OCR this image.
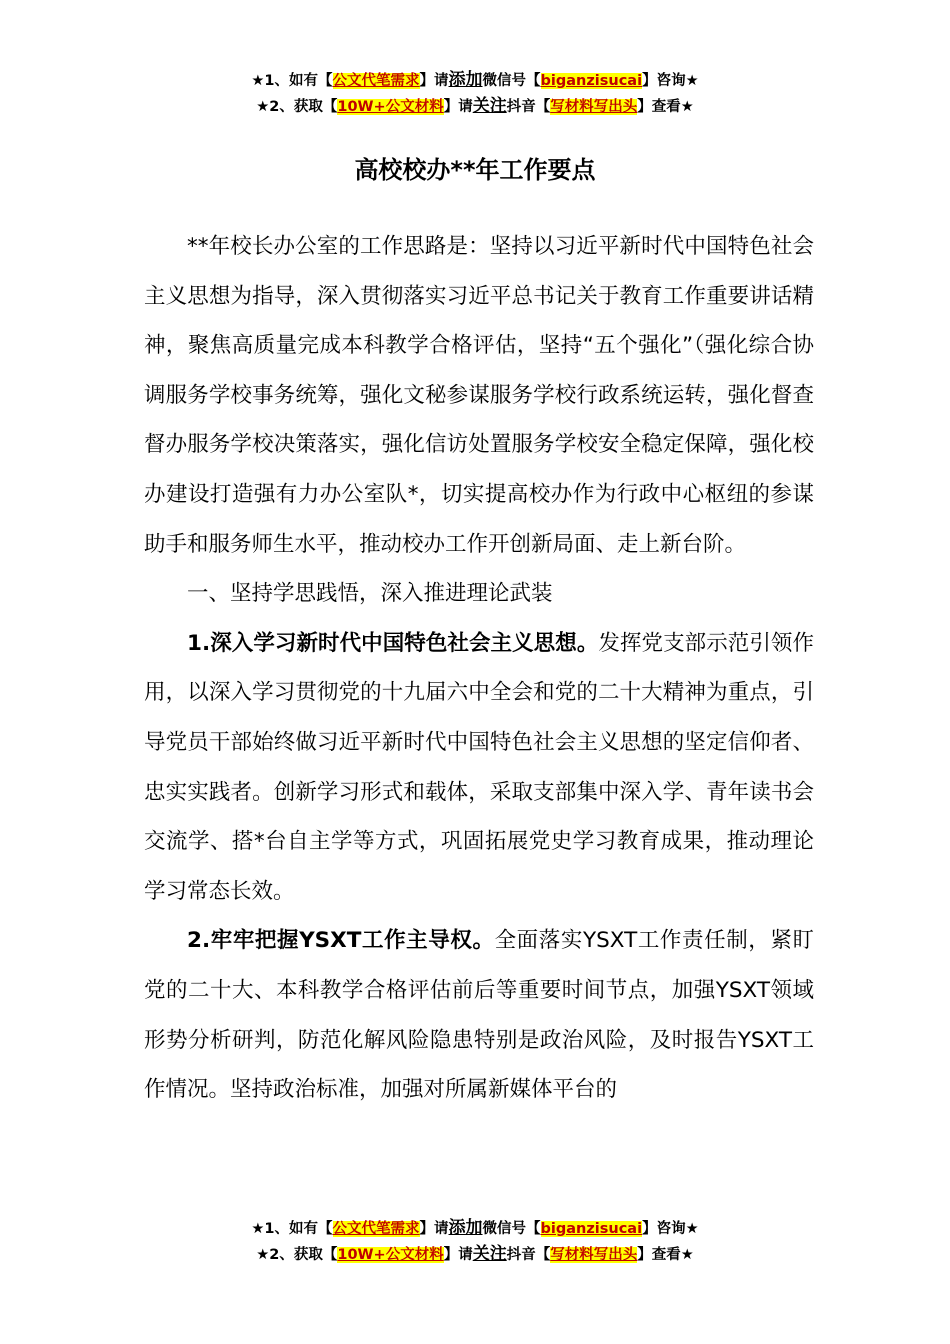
★1、如有【公文代笔需求】请添加微信号【biganzisucai】咨询★
★2、获取【10W+公文材料】请关注抖音【写材料写出头】查看★
高校校办**年工作要点

**年校长办公室的工作思路是：坚持以习近平新时代中国特色社会主义思想为指导，深入贯彻落实习近平总书记关于教育工作重要讲话精神，聚焦高质量完成本科教学合格评估，坚持“五个强化”（强化综合协调服务学校事务统筹，强化文秘参谋服务学校行政系统运转，强化督查督办服务学校决策落实，强化信访处置服务学校安全稳定保障，强化校办建设打造强有力办公室队*，切实提高校办作为行政中心枢纽的参谋助手和服务师生水平，推动校办工作开创新局面、走上新台阶。

一、坚持学思践悟，深入推进理论武装

1.深入学习新时代中国特色社会主义思想。发挥党支部示范引领作用，以深入学习贯彻党的十九届六中全会和党的二十大精神为重点，引导党员干部始终做习近平新时代中国特色社会主义思想的坚定信仰者、忠实实践者。创新学习形式和载体，采取支部集中深入学、青年读书会交流学、搭*台自主学等方式，巩固拓展党史学习教育成果，推动理论学习常态长效。

2.牢牢把握YSXT工作主导权。全面落实YSXT工作责任制，紧盯党的二十大、本科教学合格评估前后等重要时间节点，加强YSXT领域形势分析研判，防范化解风险隐患特别是政治风险，及时报告YSXT工作情况。坚持政治标准，加强对所属新媒体平台的

★1、如有【公文代笔需求】请添加微信号【biganzisucai】咨询★
★2、获取【10W+公文材料】请关注抖音【写材料写出头】查看★
